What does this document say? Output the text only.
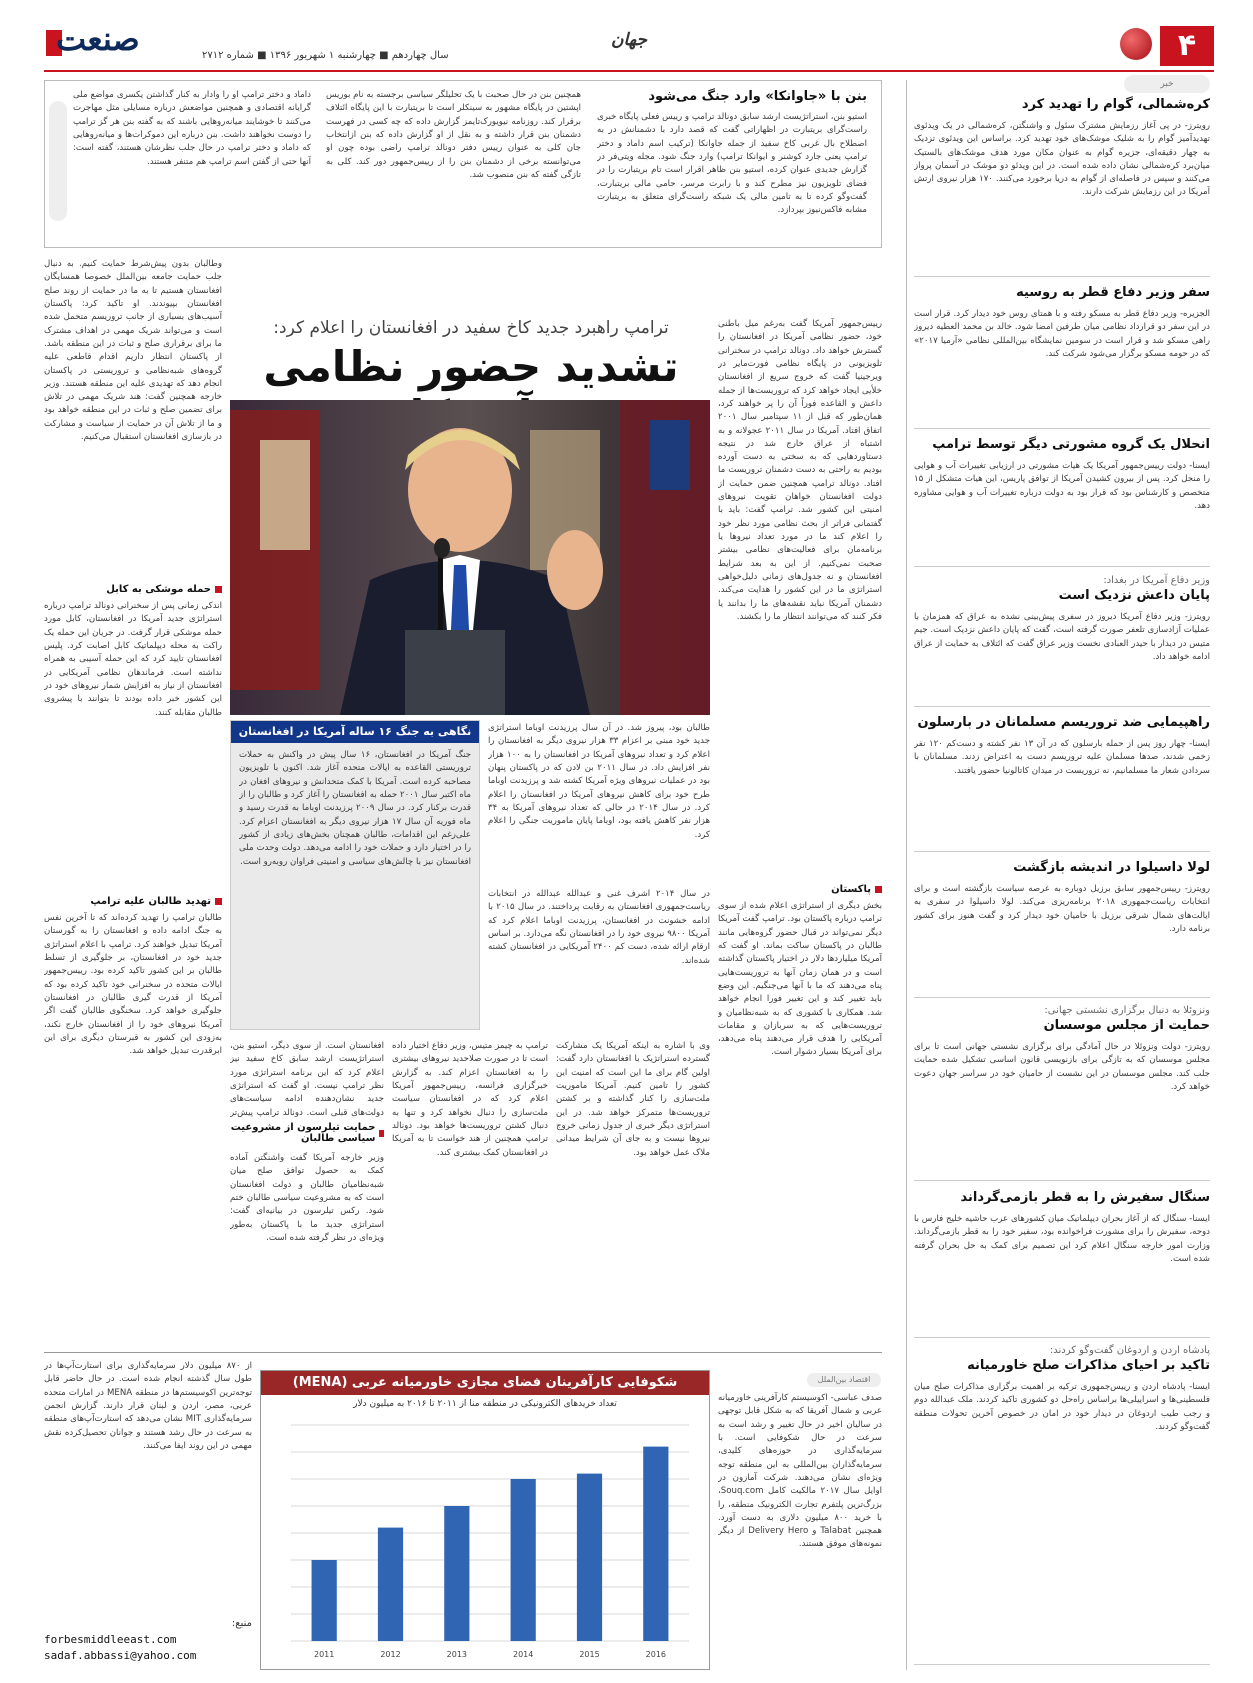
۴
جهان
صنعت	سال چهاردهم ■ چهارشنبه ۱ شهریور ۱۳۹۶ ■ شماره ۲۷۱۲
بنن با «جاوانکا» وارد جنگ می‌شود
استیو بنن، استراتژیست ارشد سابق دونالد ترامپ و رییس فعلی پایگاه خبری راست‌گرای بریتبارت در اظهاراتی گفت که قصد دارد با دشمنانش در به اصطلاح بال غربی کاخ سفید از جمله جاوانکا (ترکیب اسم داماد و دختر ترامپ یعنی جارد کوشنر و ایوانکا ترامپ) وارد جنگ شود. مجله ویتی‌فر در گزارش جدیدی عنوان کرده، استیو بنن ظاهر اقرار است تام بریتبارت را در فضای تلویزیون نیز مطرح کند و با رابرت مرسر، حامی مالی بریتبارت، گفت‌وگو کرده تا به تامین مالی یک شبکه راست‌گرای متعلق به بریتبارت مشابه فاکس‌نیوز بپردازد.
همچنین بنن در حال صحبت با یک تحلیلگر سیاسی برجسته به نام بوریس اپشتین در پایگاه مشهور به سینکلر است تا بریتبارت با این پایگاه ائتلاف برقرار کند. روزنامه نیویورک‌تایمز گزارش داده که چه کسی در فهرست دشمنان بنن قرار داشته و به نقل از او گزارش داده که بنن ازانتخاب جان کلی به عنوان رییس دفتر دونالد ترامپ راضی بوده چون او می‌توانسته برخی از دشمنان بنن را از رییس‌جمهور دور کند. کلی به تازگی گفته که بنن منصوب شد.
داماد و دختر ترامپ او را وادار به کنار گذاشتن یکسری مواضع ملی گرایانه اقتصادی و همچنین مواضعش درباره مسایلی مثل مهاجرت می‌کنند تا خوشایند میانه‌روهایی باشند که به گفته بنن هر گز ترامپ را دوست نخواهند داشت. بنن درباره این دموکرات‌ها و میانه‌روهایی که داماد و دختر ترامپ در حال جلب نظرشان هستند، گفته است: آنها حتی از گفتن اسم ترامپ هم متنفر هستند.
خبر
کره‌شمالی، گوام را تهدید کرد
رویترز- در پی آغاز رزمایش مشترک سئول و واشنگتن، کره‌شمالی در یک ویدئوی تهدیدآمیز گوام را به شلیک موشک‌های خود تهدید کرد. براساس این ویدئوی تزدیک به چهار دقیقه‌ای، جزیره گوام به عنوان مکان مورد هدف موشک‌های بالستیک میان‌برد کره‌شمالی نشان داده شده است. در این ویدئو دو موشک در آسمان پرواز می‌کنند و سپس در فاصله‌ای از گوام به دریا برخورد می‌کنند. ۱۷۰ هزار نیروی ارتش آمریکا در این رزمایش شرکت دارند.
سفر وزیر دفاع قطر به روسیه
الجزیره- وزیر دفاع قطر به مسکو رفته و با همتای روس خود دیدار کرد. قرار است در این سفر دو قرارداد نظامی میان طرفین امضا شود. خالد بن محمد العطیه دیروز راهی مسکو شد و قرار است در سومین نمایشگاه بین‌المللی نظامی «آرمیا ۲۰۱۷» که در حومه مسکو برگزار می‌شود شرکت کند.
انحلال یک گروه مشورتی دیگر توسط ترامپ
ایسنا- دولت رییس‌جمهور آمریکا یک هیات مشورتی در ارزیابی تغییرات آب و هوایی را منحل کرد. پس از بیرون کشیدن آمریکا از توافق پاریس، این هیات متشکل از ۱۵ متخصص و کارشناس بود که قرار بود به دولت درباره تغییرات آب و هوایی مشاوره دهد.
وزیر دفاع آمریکا در بغداد:
پایان داعش نزدیک است
رویترز- وزیر دفاع آمریکا دیروز در سفری پیش‌بینی نشده به عراق که همزمان با عملیات آزادسازی تلعفر صورت گرفته است، گفت که پایان داعش نزدیک است. جیم متیس در دیدار با حیدر العبادی نخست وزیر عراق گفت که ائتلاف به حمایت از عراق ادامه خواهد داد.
راهپیمایی ضد تروریسم مسلمانان در بارسلون
ایسنا- چهار روز پس از حمله بارسلون که در آن ۱۳ نفر کشته و دست‌کم ۱۲۰ نفر زخمی شدند، صدها مسلمان علیه تروریسم دست به اعتراض زدند. مسلمانان با سردادن شعار ما مسلمانیم، نه تروریست در میدان کاتالونیا حضور یافتند.
لولا داسیلوا در اندیشه بازگشت
رویترز- رییس‌جمهور سابق برزیل دوباره به عرصه سیاست بازگشته است و برای انتخابات ریاست‌جمهوری ۲۰۱۸ برنامه‌ریزی می‌کند. لولا داسیلوا در سفری به ایالت‌های شمال شرقی برزیل با حامیان خود دیدار کرد و گفت هنوز برای کشور برنامه دارد.
ونزوئلا به دنبال برگزاری نشستی جهانی:
حمایت از مجلس موسسان
رویترز- دولت ونزوئلا در حال آمادگی برای برگزاری نشستی جهانی است تا برای مجلس موسسان که به تازگی برای بازنویسی قانون اساسی تشکیل شده حمایت جلب کند. مجلس موسسان در این نشست از حامیان خود در سراسر جهان دعوت خواهد کرد.
سنگال سفیرش را به قطر بازمی‌گرداند
ایسنا- سنگال که از آغاز بحران دیپلماتیک میان کشورهای عرب حاشیه خلیج فارس با دوحه، سفیرش را برای مشورت فراخوانده بود، سفیر خود را به قطر بازمی‌گرداند. وزارت امور خارجه سنگال اعلام کرد این تصمیم برای کمک به حل بحران گرفته شده است.
پادشاه اردن و اردوغان گفت‌وگو کردند:
تاکید بر احیای مذاکرات صلح خاورمیانه
ایسنا- پادشاه اردن و رییس‌جمهوری ترکیه بر اهمیت برگزاری مذاکرات صلح میان فلسطینی‌ها و اسراییلی‌ها براساس راه‌حل دو کشوری تاکید کردند. ملک عبدالله دوم و رجب طیب اردوغان در دیدار خود در امان در خصوص آخرین تحولات منطقه گفت‌وگو کردند.
ترامپ راهبرد جدید کاخ سفید در افغانستان را اعلام کرد:
تشدید حضور نظامی
نگاهی به جنگ ۱۶ ساله آمریکا در افغانستان
جنگ آمریکا در افغانستان، ۱۶ سال پیش در واکنش به حملات تروریستی القاعده به ایالات متحده آغاز شد. اکنون با تلویزیون مصاحبه کرده است. آمریکا با کمک متحدانش و نیروهای افغان در ماه اکتبر سال ۲۰۰۱ حمله به افغانستان را آغاز کرد و طالبان را از قدرت برکنار کرد. در سال ۲۰۰۹ پرزیدنت اوباما به قدرت رسید و ماه فوریه آن سال ۱۷ هزار نیروی دیگر به افغانستان اعزام کرد. علی‌رغم این اقدامات، طالبان همچنان بخش‌های زیادی از کشور را در اختیار دارد و حملات خود را ادامه می‌دهد. دولت وحدت ملی افغانستان نیز با چالش‌های سیاسی و امنیتی فراوان روبه‌رو است.
طالبان بود، پیروز شد. در آن سال پرزیدنت اوباما استراتژی جدید خود مبنی بر اعزام ۳۳ هزار نیروی دیگر به افغانستان را اعلام کرد و تعداد نیروهای آمریکا در افغانستان را به ۱۰۰ هزار نفر افزایش داد. در سال ۲۰۱۱ بن لادن که در پاکستان پنهان بود در عملیات نیروهای ویژه آمریکا کشته شد و پرزیدنت اوباما طرح خود برای کاهش نیروهای آمریکا در افغانستان را اعلام کرد. در سال ۲۰۱۴ در حالی که تعداد نیروهای آمریکا به ۳۴ هزار نفر کاهش یافته بود، اوباما پایان ماموریت جنگی را اعلام کرد.
در سال ۲۰۱۴ اشرف غنی و عبدالله عبدالله در انتخابات ریاست‌جمهوری افغانستان به رقابت پرداختند. در سال ۲۰۱۵ با ادامه خشونت در افغانستان، پرزیدنت اوباما اعلام کرد که آمریکا ۹۸۰۰ نیروی خود را در افغانستان نگه می‌دارد. بر اساس ارقام ارائه شده، دست کم ۲۴۰۰ آمریکایی در افغانستان کشته شده‌اند.
رییس‌جمهور آمریکا گفت به‌رغم میل باطنی خود، حضور نظامی آمریکا در افغانستان را گسترش خواهد داد. دونالد ترامپ در سخنرانی تلویزیونی در پایگاه نظامی فورت‌مایر در ویرجینیا گفت که خروج سریع از افغانستان خلأیی ایجاد خواهد کرد که تروریست‌ها از جمله داعش و القاعده فوراً آن را پر خواهند کرد، همان‌طور که قبل از ۱۱ سپتامبر سال ۲۰۰۱ اتفاق افتاد. آمریکا در سال ۲۰۱۱ عجولانه و به اشتباه از عراق خارج شد در نتیجه دستاوردهایی که به سختی به دست آورده بودیم به راحتی به دست دشمنان تروریست ما افتاد. دونالد ترامپ همچنین ضمن حمایت از دولت افغانستان خواهان تقویت نیروهای امنیتی این کشور شد. ترامپ گفت: باید با گفتمانی فراتر از بحث نظامی مورد نظر خود را اعلام کند ما در مورد تعداد نیروها یا برنامه‌مان برای فعالیت‌های نظامی بیشتر صحبت نمی‌کنیم. از این به بعد شرایط افغانستان و نه جدول‌های زمانی دلیل‌خواهی استراتژی ما در این کشور را هدایت می‌کند. دشمنان آمریکا نباید نقشه‌های ما را بدانند یا فکر کنند که می‌توانند انتظار ما را بکشند.
پاکستان
بخش دیگری از استراتژی اعلام شده از سوی ترامپ درباره پاکستان بود. ترامپ گفت آمریکا دیگر نمی‌تواند در قبال حضور گروه‌هایی مانند طالبان در پاکستان ساکت بماند. او گفت که آمریکا میلیاردها دلار در اختیار پاکستان گذاشته است و در همان زمان آنها به تروریست‌هایی پناه می‌دهند که ما با آنها می‌جنگیم. این وضع باید تغییر کند و این تغییر فورا انجام خواهد شد. همکاری با کشوری که به شبه‌نظامیان و تروریست‌هایی که به سربازان و مقامات آمریکایی را هدف قرار می‌دهند پناه می‌دهد، برای آمریکا بسیار دشوار است.
وی با اشاره به اینکه آمریکا یک مشارکت گسترده استراتژیک با افغانستان دارد گفت: اولین گام برای ما این است که امنیت این کشور را تامین کنیم. آمریکا ماموریت ملت‌سازی را کنار گذاشته و بر کشتن تروریست‌ها متمرکز خواهد شد. در این استراتژی دیگر خبری از جدول زمانی خروج نیروها نیست و به جای آن شرایط میدانی ملاک عمل خواهد بود.
ترامپ به چیمز متیس، وزیر دفاع اختیار داده است تا در صورت صلاحدید نیروهای بیشتری را به افغانستان اعزام کند. به گزارش خبرگزاری فرانسه، رییس‌جمهور آمریکا اعلام کرد که در افغانستان سیاست ملت‌سازی را دنبال نخواهد کرد و تنها به دنبال کشتن تروریست‌ها خواهد بود. دونالد ترامپ همچنین از هند خواست تا به آمریکا در افغانستان کمک بیشتری کند.
افغانستان است. از سوی دیگر، استیو بنن، استراتژیست ارشد سابق کاخ سفید نیز اعلام کرد که این برنامه استراتژی مورد نظر ترامپ نیست. او گفت که استراتژی جدید نشان‌دهنده ادامه سیاست‌های دولت‌های قبلی است. دونالد ترامپ پیش‌تر
حمایت تیلرسون از مشروعیت سیاسی طالبان
وزیر خارجه آمریکا گفت واشنگتن آماده کمک به حصول توافق صلح میان شبه‌نظامیان طالبان و دولت افغانستان است که به مشروعیت سیاسی طالبان ختم شود. رکس تیلرسون در بیانیه‌ای گفت: استراتژی جدید ما با پاکستان به‌طور ویژه‌ای در نظر گرفته شده است.
وطالبان بدون پیش‌شرط حمایت کنیم. به دنبال جلب حمایت جامعه بین‌الملل خصوصا همسایگان افغانستان هستیم تا به ما در حمایت از روند صلح افغانستان بپیوندند. او تاکید کرد: پاکستان آسیب‌های بسیاری از جانب تروریسم متحمل شده است و می‌تواند شریک مهمی در اهداف مشترک ما برای برقراری صلح و ثبات در این منطقه باشد. از پاکستان انتظار داریم اقدام قاطعی علیه گروه‌های شبه‌نظامی و تروریستی در پاکستان انجام دهد که تهدیدی علیه این منطقه هستند. وزیر خارجه همچنین گفت: هند شریک مهمی در تلاش برای تضمین صلح و ثبات در این منطقه خواهد بود و ما از تلاش آن در حمایت از سیاست و مشارکت در بازسازی افغانستان استقبال می‌کنیم.
حمله موشکی به کابل
اندکی زمانی پس از سخنرانی دونالد ترامپ درباره استراتژی جدید آمریکا در افغانستان، کابل مورد حمله موشکی قرار گرفت. در جریان این حمله یک راکت به محله دیپلماتیک کابل اصابت کرد. پلیس افغانستان تایید کرد که این حمله آسیبی به همراه نداشته است. فرماندهان نظامی آمریکایی در افغانستان از نیاز به افزایش شمار نیروهای خود در این کشور خبر داده بودند تا بتوانند با پیشروی طالبان مقابله کنند.
تهدید طالبان علیه ترامپ
طالبان ترامپ را تهدید کرده‌اند که تا آخرین نفس به جنگ ادامه داده و افغانستان را به گورستان آمریکا تبدیل خواهند کرد. ترامپ با اعلام استراتژی جدید خود در افغانستان، بر جلوگیری از تسلط طالبان بر این کشور تاکید کرده بود. رییس‌جمهور ایالات متحده در سخنرانی خود تاکید کرده بود که آمریکا از قدرت گیری طالبان در افغانستان جلوگیری خواهد کرد. سخنگوی طالبان گفت اگر آمریکا نیروهای خود را از افغانستان خارج نکند، به‌زودی این کشور به قبرستان دیگری برای این ابرقدرت تبدیل خواهد شد.
اقتصاد بین‌الملل
صدف عباسی- اکوسیستم کارآفرینی خاورمیانه عربی و شمال آفریقا که به شکل قابل توجهی در سالیان اخیر در حال تغییر و رشد است به سرعت در حال شکوفایی است. با سرمایه‌گذاری در حوزه‌های کلیدی، سرمایه‌گذاران بین‌المللی به این منطقه توجه ویژه‌ای نشان می‌دهند. شرکت آمازون در اوایل سال ۲۰۱۷ مالکیت کامل Souq.com، بزرگ‌ترین پلتفرم تجارت الکترونیک منطقه، را با خرید ۸۰۰ میلیون دلاری به دست آورد. همچنین Talabat و Delivery Hero از دیگر نمونه‌های موفق هستند.
از ۸۷۰ میلیون دلار سرمایه‌گذاری برای استارت‌آپ‌ها در طول سال گذشته انجام شده است. در حال حاضر قابل توجه‌ترین اکوسیستم‌ها در منطقه MENA در امارات متحده عربی، مصر، اردن و لبنان قرار دارند. گزارش انجمن سرمایه‌گذاری MIT نشان می‌دهد که استارت‌آپ‌های منطقه به سرعت در حال رشد هستند و جوانان تحصیل‌کرده نقش مهمی در این روند ایفا می‌کنند.
منبع:
forbesmiddleeast.com
sadaf.abbassi@yahoo.com
شکوفایی کارآفرینان فضای مجازی خاورمیانه عربی (MENA)
تعداد خریدهای الکترونیکی در منطقه منا از ۲۰۱۱ تا ۲۰۱۶ به میلیون دلار
2011	2012	2013	2014	2015	2016
